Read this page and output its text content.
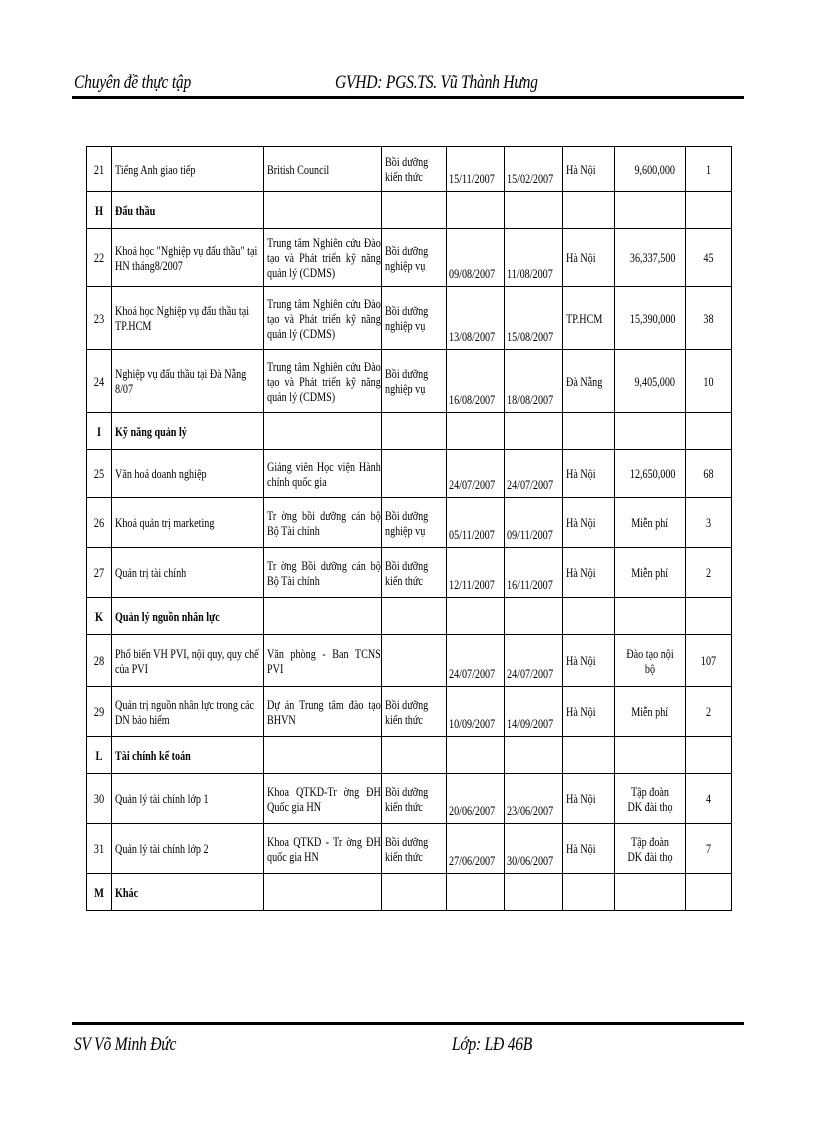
Chuyên đề thực tập	GVHD: PGS.TS. Vũ Thành Hưng
21	Tiếng Anh giao tiếp	British Council	Bồi dưỡng kiến thức	15/11/2007	15/02/2007	Hà Nội	9,600,000	1

H	Đấu thầu							

22	Khoá học "Nghiệp vụ đấu thầu" tại HN tháng8/2007	Trung tâm Nghiên cứu Đào tạo và Phát triển kỹ năng quản lý (CDMS)	Bồi dưỡng nghiệp vụ	09/08/2007	11/08/2007	Hà Nội	36,337,500	45

23	Khoá học Nghiệp vụ đấu thầu tại TP.HCM	Trung tâm Nghiên cứu Đào tạo và Phát triển kỹ năng quản lý (CDMS)	Bồi dưỡng nghiệp vụ	13/08/2007	15/08/2007	TP.HCM	15,390,000	38

24	Nghiệp vụ đấu thầu tại Đà Nẵng 8/07	Trung tâm Nghiên cứu Đào tạo và Phát triển kỹ năng quản lý (CDMS)	Bồi dưỡng nghiệp vụ	16/08/2007	18/08/2007	Đà Nẵng	9,405,000	10

I	Kỹ năng quản lý							

25	Văn hoá doanh nghiệp	Giảng viên Học viện Hành chính quốc gia		24/07/2007	24/07/2007	Hà Nội	12,650,000	68

26	Khoá quản trị marketing	Tr ờng bồi dưỡng cán bộ Bộ Tài chính	Bồi dưỡng nghiệp vụ	05/11/2007	09/11/2007	Hà Nội	Miễn phí	3

27	Quản trị tài chính	Tr ờng Bồi dưỡng cán bộ Bộ Tài chính	Bồi dưỡng kiến thức	12/11/2007	16/11/2007	Hà Nội	Miễn phí	2

K	Quản lý nguồn nhân lực							

28	Phổ biến VH PVI, nội quy, quy chế của PVI	Văn phòng - Ban TCNS PVI		24/07/2007	24/07/2007	Hà Nội	Đào tạo nội bộ	107

29	Quản trị nguồn nhân lực trong các DN bảo hiểm	Dự án Trung tâm đào tạo BHVN	Bồi dưỡng kiến thức	10/09/2007	14/09/2007	Hà Nội	Miễn phí	2

L	Tài chính kế toán							

30	Quản lý tài chính lớp 1	Khoa QTKD-Tr ờng ĐH Quốc gia HN	Bồi dưỡng kiến thức	20/06/2007	23/06/2007	Hà Nội	Tập đoàn DK đài thọ	4

31	Quản lý tài chính lớp 2	Khoa QTKD - Tr ờng ĐH quốc gia HN	Bồi dưỡng kiến thức	27/06/2007	30/06/2007	Hà Nội	Tập đoàn DK đài thọ	7

M	Khác							

SV Võ Minh Đức	Lớp: LĐ 46B
